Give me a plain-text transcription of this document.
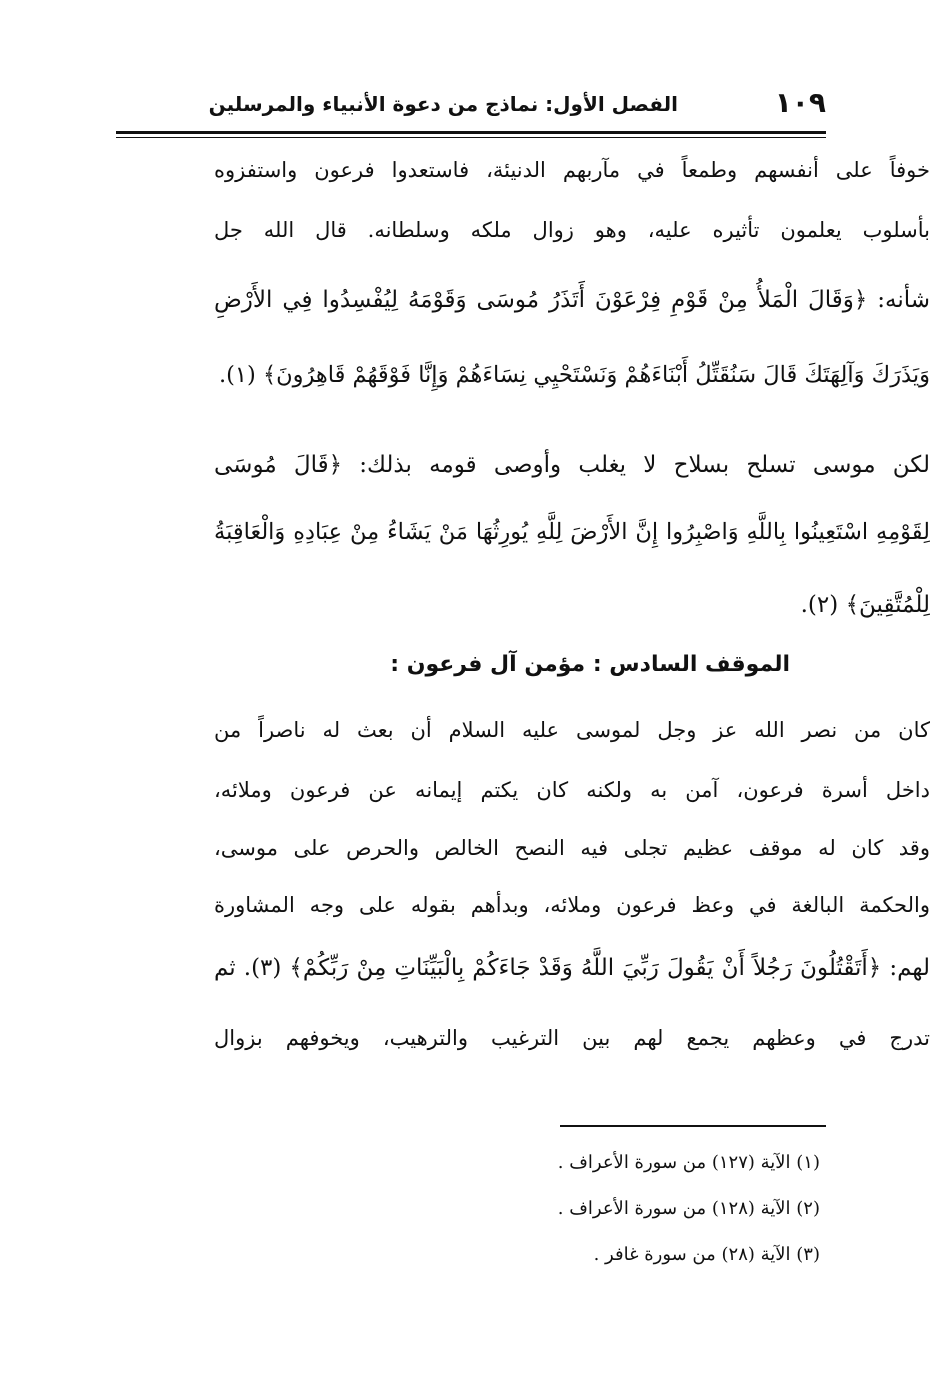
الفصل الأول: نماذج من دعوة الأنبياء والمرسلين	١٠٩
خوفاً على أنفسهم وطمعاً في مآربهم الدنيئة، فاستعدوا فرعون واستفزوه
بأسلوب يعلمون تأثيره عليه، وهو زوال ملكه وسلطانه. قال الله جل
شأنه: ﴿وَقَالَ الْمَلأُ مِنْ قَوْمِ فِرْعَوْنَ أَتَذَرُ مُوسَى وَقَوْمَهُ لِيُفْسِدُوا فِي الأَرْضِ
وَيَذَرَكَ وَآلِهَتَكَ قَالَ سَنُقَتِّلُ أَبْنَاءَهُمْ وَنَسْتَحْيِي نِسَاءَهُمْ وَإِنَّا فَوْقَهُمْ قَاهِرُونَ﴾ (١).
لكن موسى تسلح بسلاح لا يغلب وأوصى قومه بذلك: ﴿قَالَ مُوسَى
لِقَوْمِهِ اسْتَعِينُوا بِاللَّهِ وَاصْبِرُوا إِنَّ الأَرْضَ لِلَّهِ يُورِثُهَا مَنْ يَشَاءُ مِنْ عِبَادِهِ وَالْعَاقِبَةُ
لِلْمُتَّقِينَ﴾ (٢).
الموقف السادس : مؤمن آل فرعون :
كان من نصر الله عز وجل لموسى عليه السلام أن بعث له ناصراً من
داخل أسرة فرعون، آمن به ولكنه كان يكتم إيمانه عن فرعون وملائه،
وقد كان له موقف عظيم تجلى فيه النصح الخالص والحرص على موسى،
والحكمة البالغة في وعظ فرعون وملائه، وبدأهم بقوله على وجه المشاورة
لهم: ﴿أَتَقْتُلُونَ رَجُلاً أَنْ يَقُولَ رَبِّيَ اللَّهُ وَقَدْ جَاءَكُمْ بِالْبَيِّنَاتِ مِنْ رَبِّكُمْ﴾ (٣). ثم
تدرج في وعظهم يجمع لهم بين الترغيب والترهيب، ويخوفهم بزوال
(١) الآية (١٢٧) من سورة الأعراف .
(٢) الآية (١٢٨) من سورة الأعراف .
(٣) الآية (٢٨) من سورة غافر .
